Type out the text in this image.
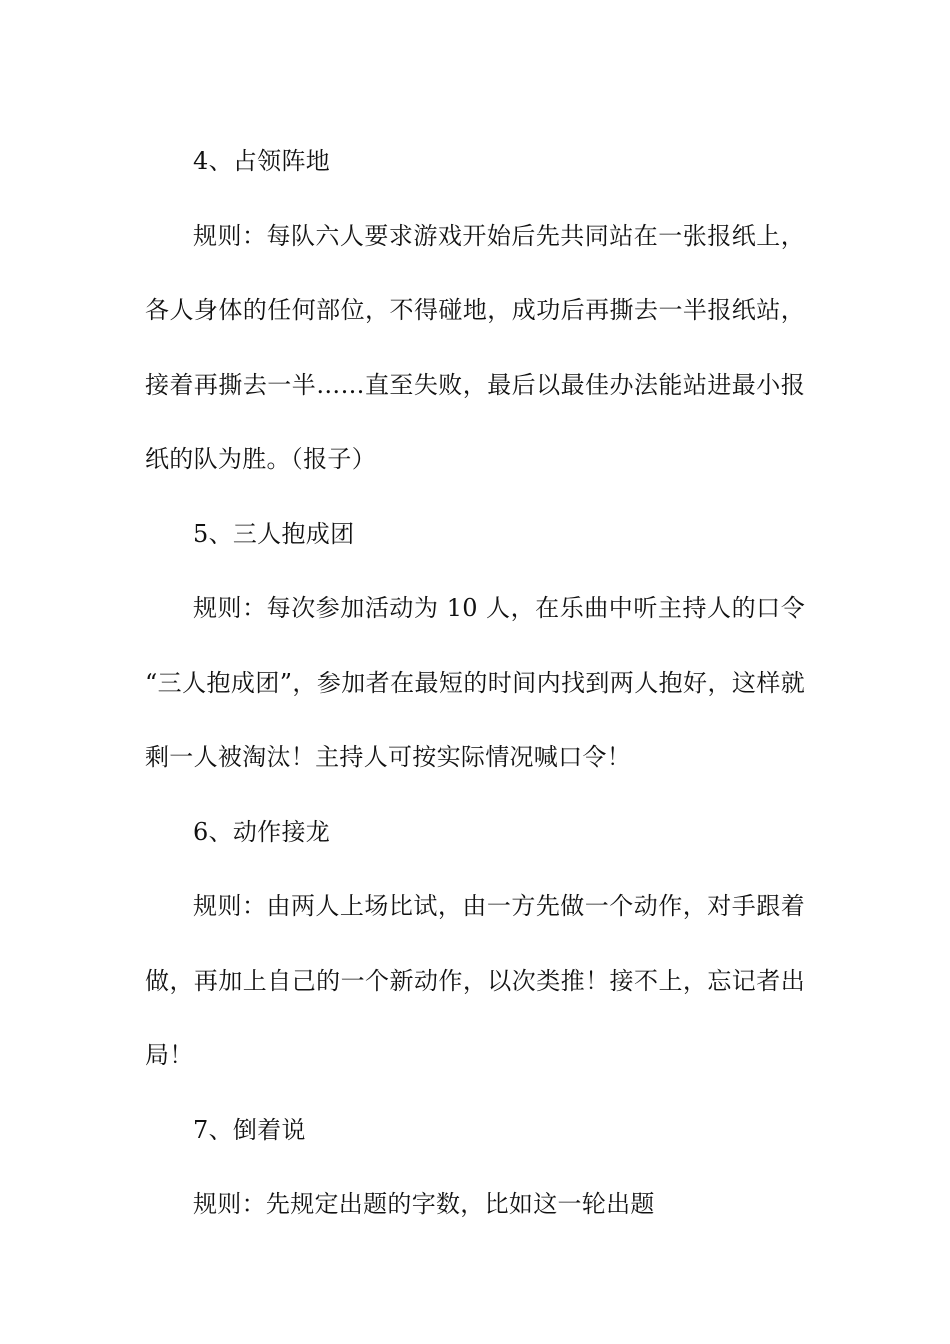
4、占领阵地

规则：每队六人要求游戏开始后先共同站在一张报纸上，各人身体的任何部位，不得碰地，成功后再撕去一半报纸站，接着再撕去一半……直至失败，最后以最佳办法能站进最小报纸的队为胜。（报子）

5、三人抱成团

规则：每次参加活动为 10 人，在乐曲中听主持人的口令“三人抱成团”，参加者在最短的时间内找到两人抱好，这样就剩一人被淘汰！主持人可按实际情况喊口令！

6、动作接龙

规则：由两人上场比试，由一方先做一个动作，对手跟着做，再加上自己的一个新动作，以次类推！接不上，忘记者出局！

7、倒着说

规则：先规定出题的字数，比如这一轮出题
